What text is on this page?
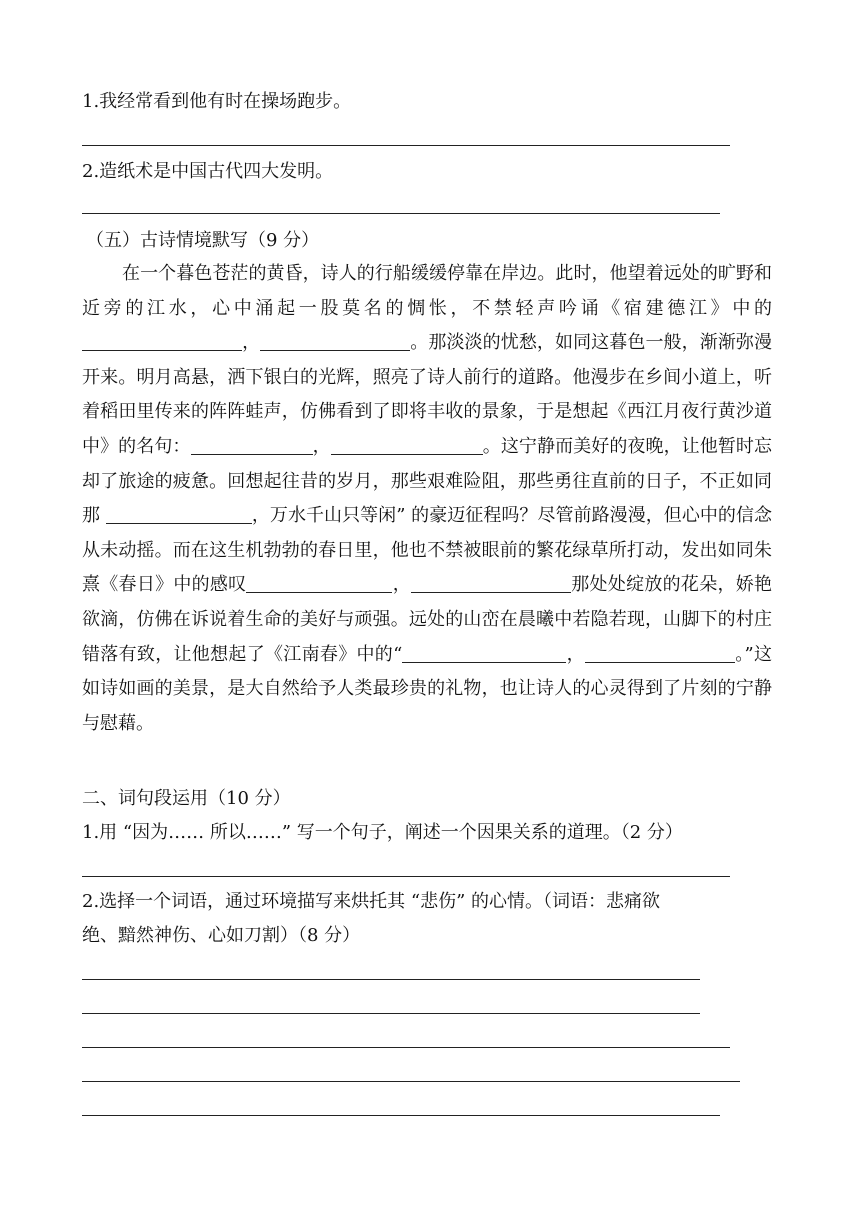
1.我经常看到他有时在操场跑步。
2.造纸术是中国古代四大发明。
（五）古诗情境默写（9 分）
在一个暮色苍茫的黄昏，诗人的行船缓缓停靠在岸边。此时，他望着远处的旷野和近旁的江水，心中涌起一股莫名的惆怅，不禁轻声吟诵《宿建德江》中的，	。那淡淡的忧愁，如同这暮色一般，渐渐弥漫开来。明月高悬，洒下银白的光辉，照亮了诗人前行的道路。他漫步在乡间小道上，听着稻田里传来的阵阵蛙声，仿佛看到了即将丰收的景象，于是想起《西江月夜行黄沙道中》的名句：	，	。这宁静而美好的夜晚，让他暂时忘却了旅途的疲惫。回想起往昔的岁月，那些艰难险阻，那些勇往直前的日子，不正如同那	，万水千山只等闲” 的豪迈征程吗？尽管前路漫漫，但心中的信念从未动摇。而在这生机勃勃的春日里，他也不禁被眼前的繁花绿草所打动，发出如同朱熹《春日》中的感叹	，	那处处绽放的花朵，娇艳欲滴，仿佛在诉说着生命的美好与顽强。远处的山峦在晨曦中若隐若现，山脚下的村庄错落有致，让他想起了《江南春》中的“	，	。”这如诗如画的美景，是大自然给予人类最珍贵的礼物，也让诗人的心灵得到了片刻的宁静与慰藉。
二、词句段运用（10 分）
1.用 “因为…… 所以……” 写一个句子，阐述一个因果关系的道理。（2 分）
2.选择一个词语，通过环境描写来烘托其 “悲伤” 的心情。（词语：悲痛欲
绝、黯然神伤、心如刀割）（8 分）
